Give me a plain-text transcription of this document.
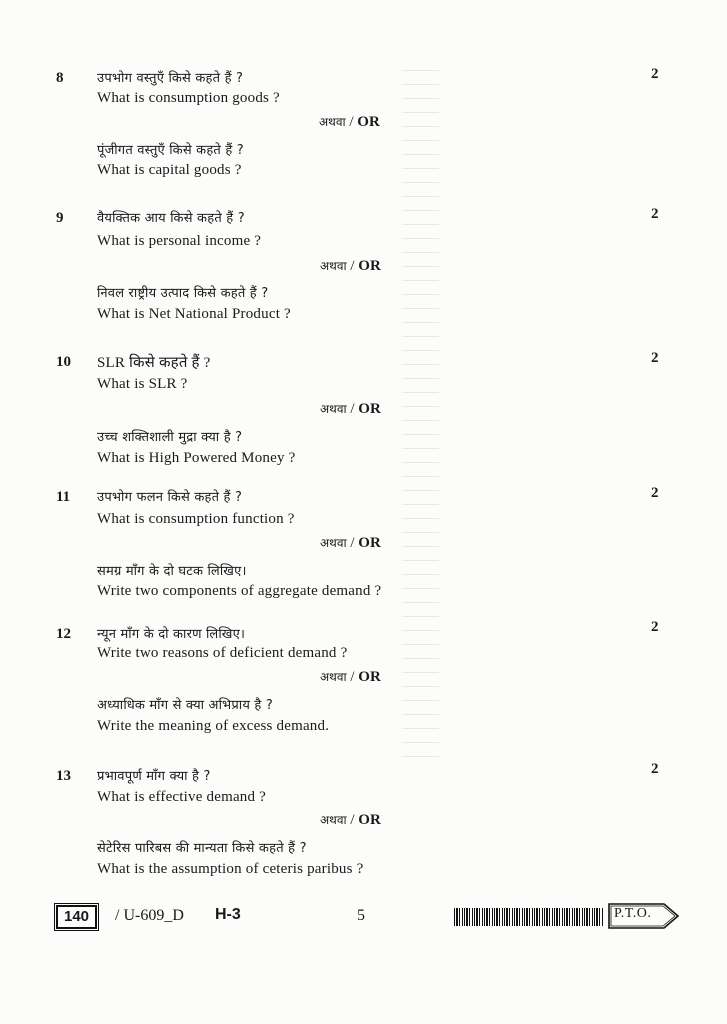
8	2
उपभोग वस्तुएँ किसे कहते हैं ?
What is consumption goods ?
अथवा / OR
पूंजीगत वस्तुएँ किसे कहते हैं ?
What is capital goods ?
9	2
वैयक्तिक आय किसे कहते हैं ?
What is personal income ?
अथवा / OR
निवल राष्ट्रीय उत्पाद किसे कहते हैं ?
What is Net National Product ?
10	2
SLR किसे कहते हैं ?
What is SLR ?
अथवा / OR
उच्च शक्तिशाली मुद्रा क्या है ?
What is High Powered Money ?
11	2
उपभोग फलन किसे कहते हैं ?
What is consumption function ?
अथवा / OR
समग्र माँग के दो घटक लिखिए।
Write two components of aggregate demand ?
12	2
न्यून माँग के दो कारण लिखिए।
Write two reasons of deficient demand ?
अथवा / OR
अध्याधिक माँग से क्या अभिप्राय है ?
Write the meaning of excess demand.
13	2
प्रभावपूर्ण माँग क्या है ?
What is effective demand ?
अथवा / OR
सेटेरिस पारिबस की मान्यता किसे कहते हैं ?
What is the assumption of ceteris paribus ?
140	/ U-609_D H-3	5	P.T.O.
